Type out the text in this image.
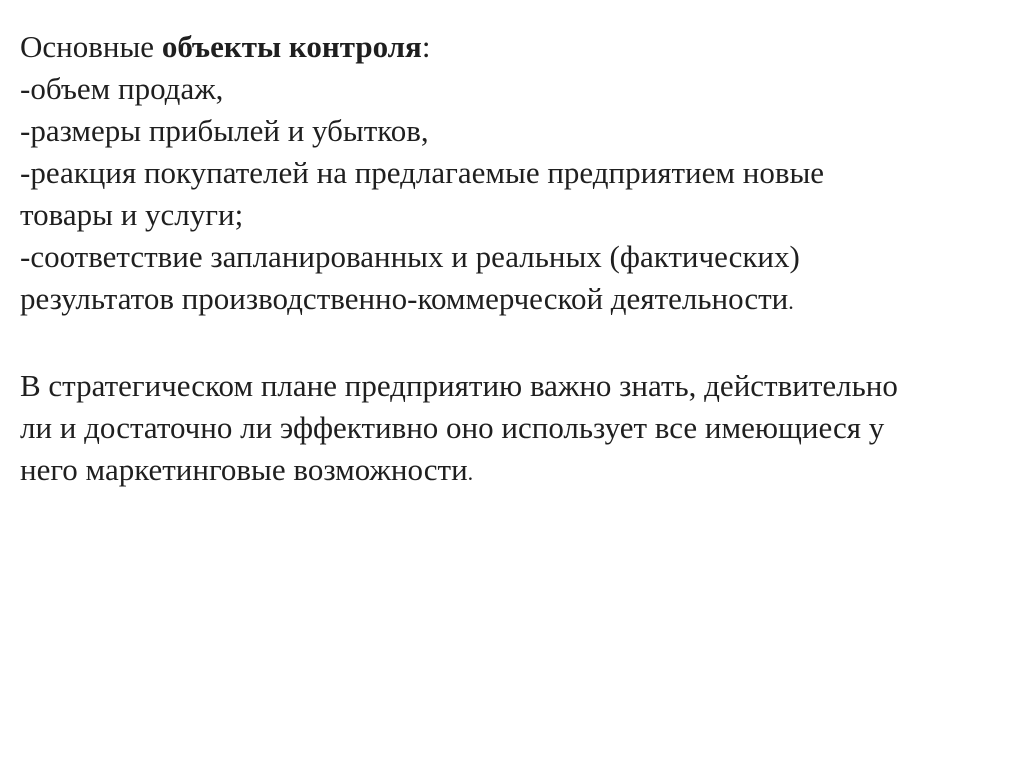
Основные объекты контроля:
-объем продаж,
-размеры прибылей и убытков,
-реакция покупателей на предлагаемые предприятием новые
товары и услуги;
-соответствие запланированных и реальных (фактических)
результатов производственно-коммерческой деятельности.
В стратегическом плане предприятию важно знать, действительно
ли и достаточно ли эффективно оно использует все имеющиеся у
него маркетинговые возможности.
